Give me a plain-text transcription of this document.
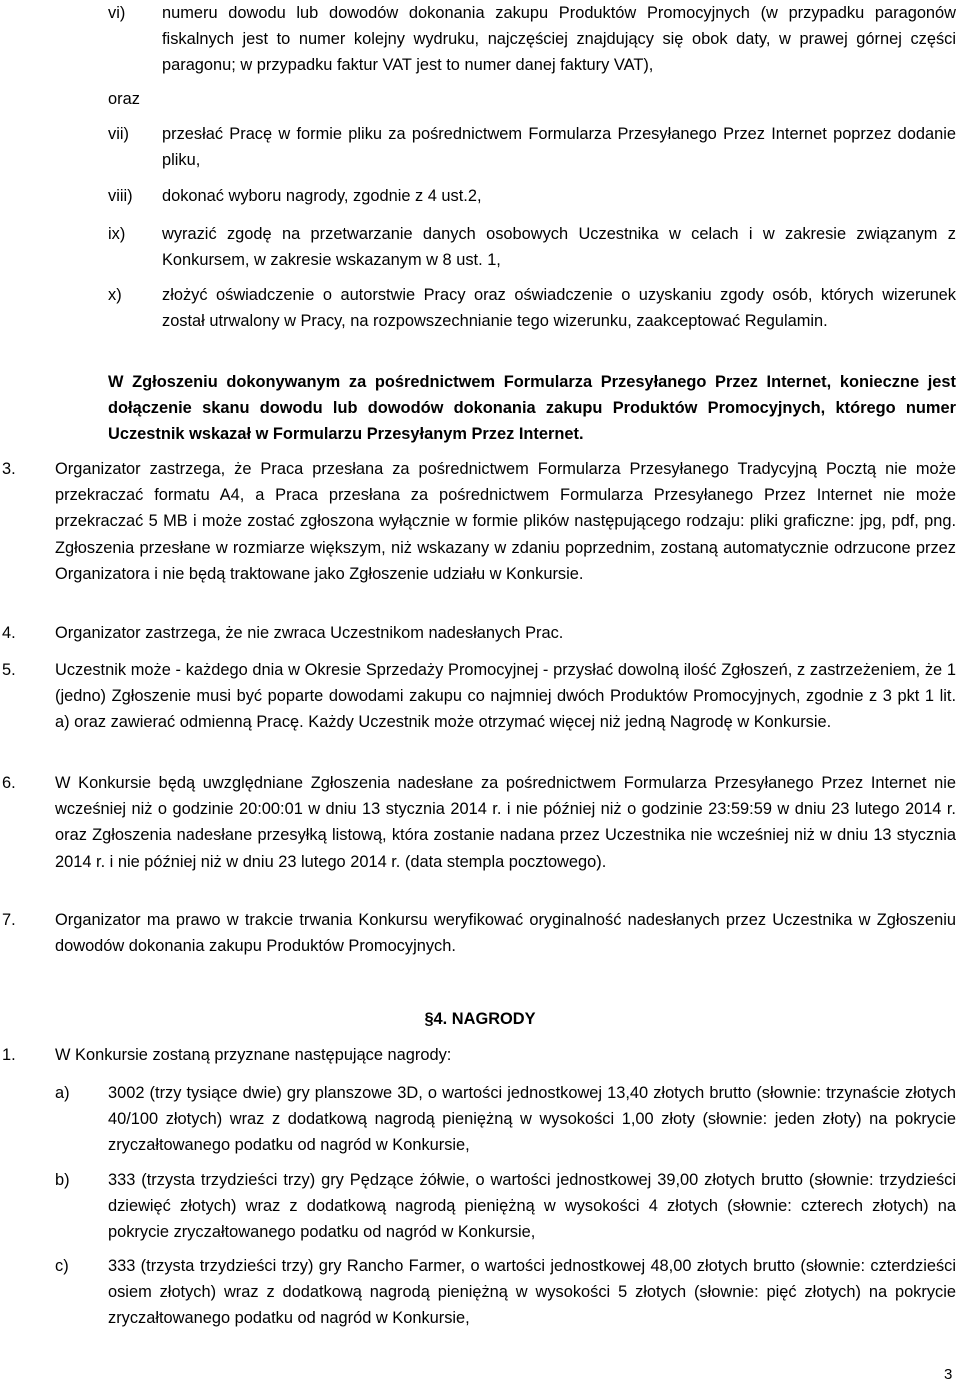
vi) numeru dowodu lub dowodów dokonania zakupu Produktów Promocyjnych (w przypadku paragonów fiskalnych jest to numer kolejny wydruku, najczęściej znajdujący się obok daty, w prawej górnej części paragonu; w przypadku faktur VAT jest to numer danej faktury VAT),
oraz
vii) przesłać Pracę w formie pliku za pośrednictwem Formularza Przesyłanego Przez Internet poprzez dodanie pliku,
viii) dokonać wyboru nagrody, zgodnie z 4 ust.2,
ix) wyrazić zgodę na przetwarzanie danych osobowych Uczestnika w celach i w zakresie związanym z Konkursem, w zakresie wskazanym w 8 ust. 1,
x) złożyć oświadczenie o autorstwie Pracy oraz oświadczenie o uzyskaniu zgody osób, których wizerunek został utrwalony w Pracy, na rozpowszechnianie tego wizerunku, zaakceptować Regulamin.
W Zgłoszeniu dokonywanym za pośrednictwem Formularza Przesyłanego Przez Internet, konieczne jest dołączenie skanu dowodu lub dowodów dokonania zakupu Produktów Promocyjnych, którego numer Uczestnik wskazał w Formularzu Przesyłanym Przez Internet.
3. Organizator zastrzega, że Praca przesłana za pośrednictwem Formularza Przesyłanego Tradycyjną Pocztą nie może przekraczać formatu A4, a Praca przesłana za pośrednictwem Formularza Przesyłanego Przez Internet nie może przekraczać 5 MB i może zostać zgłoszona wyłącznie w formie plików następującego rodzaju: pliki graficzne: jpg, pdf, png. Zgłoszenia przesłane w rozmiarze większym, niż wskazany w zdaniu poprzednim, zostaną automatycznie odrzucone przez Organizatora i nie będą traktowane jako Zgłoszenie udziału w Konkursie.
4. Organizator zastrzega, że nie zwraca Uczestnikom nadesłanych Prac.
5. Uczestnik może - każdego dnia w Okresie Sprzedaży Promocyjnej - przysłać dowolną ilość Zgłoszeń, z zastrzeżeniem, że 1 (jedno) Zgłoszenie musi być poparte dowodami zakupu co najmniej dwóch Produktów Promocyjnych, zgodnie z 3 pkt 1 lit. a) oraz zawierać odmienną Pracę. Każdy Uczestnik może otrzymać więcej niż jedną Nagrodę w Konkursie.
6. W Konkursie będą uwzględniane Zgłoszenia nadesłane za pośrednictwem Formularza Przesyłanego Przez Internet nie wcześniej niż o godzinie 20:00:01 w dniu 13 stycznia 2014 r. i nie później niż o godzinie 23:59:59 w dniu 23 lutego 2014 r. oraz Zgłoszenia nadesłane przesyłką listową, która zostanie nadana przez Uczestnika nie wcześniej niż w dniu 13 stycznia 2014 r. i nie później niż w dniu 23 lutego 2014 r. (data stempla pocztowego).
7. Organizator ma prawo w trakcie trwania Konkursu weryfikować oryginalność nadesłanych przez Uczestnika w Zgłoszeniu dowodów dokonania zakupu Produktów Promocyjnych.
§4. NAGRODY
1. W Konkursie zostaną przyznane następujące nagrody:
a) 3002 (trzy tysiące dwie) gry planszowe 3D, o wartości jednostkowej 13,40 złotych brutto (słownie: trzynaście złotych 40/100 złotych) wraz z dodatkową nagrodą pieniężną w wysokości 1,00 złoty (słownie: jeden złoty) na pokrycie zryczałtowanego podatku od nagród w Konkursie,
b) 333 (trzysta trzydzieści trzy) gry Pędzące żółwie, o wartości jednostkowej 39,00 złotych brutto (słownie: trzydzieści dziewięć złotych) wraz z dodatkową nagrodą pieniężną w wysokości 4 złotych (słownie: czterech złotych) na pokrycie zryczałtowanego podatku od nagród w Konkursie,
c) 333 (trzysta trzydzieści trzy) gry Rancho Farmer, o wartości jednostkowej 48,00 złotych brutto (słownie: czterdzieści osiem złotych) wraz z dodatkową nagrodą pieniężną w wysokości 5 złotych (słownie: pięć złotych) na pokrycie zryczałtowanego podatku od nagród w Konkursie,
3
